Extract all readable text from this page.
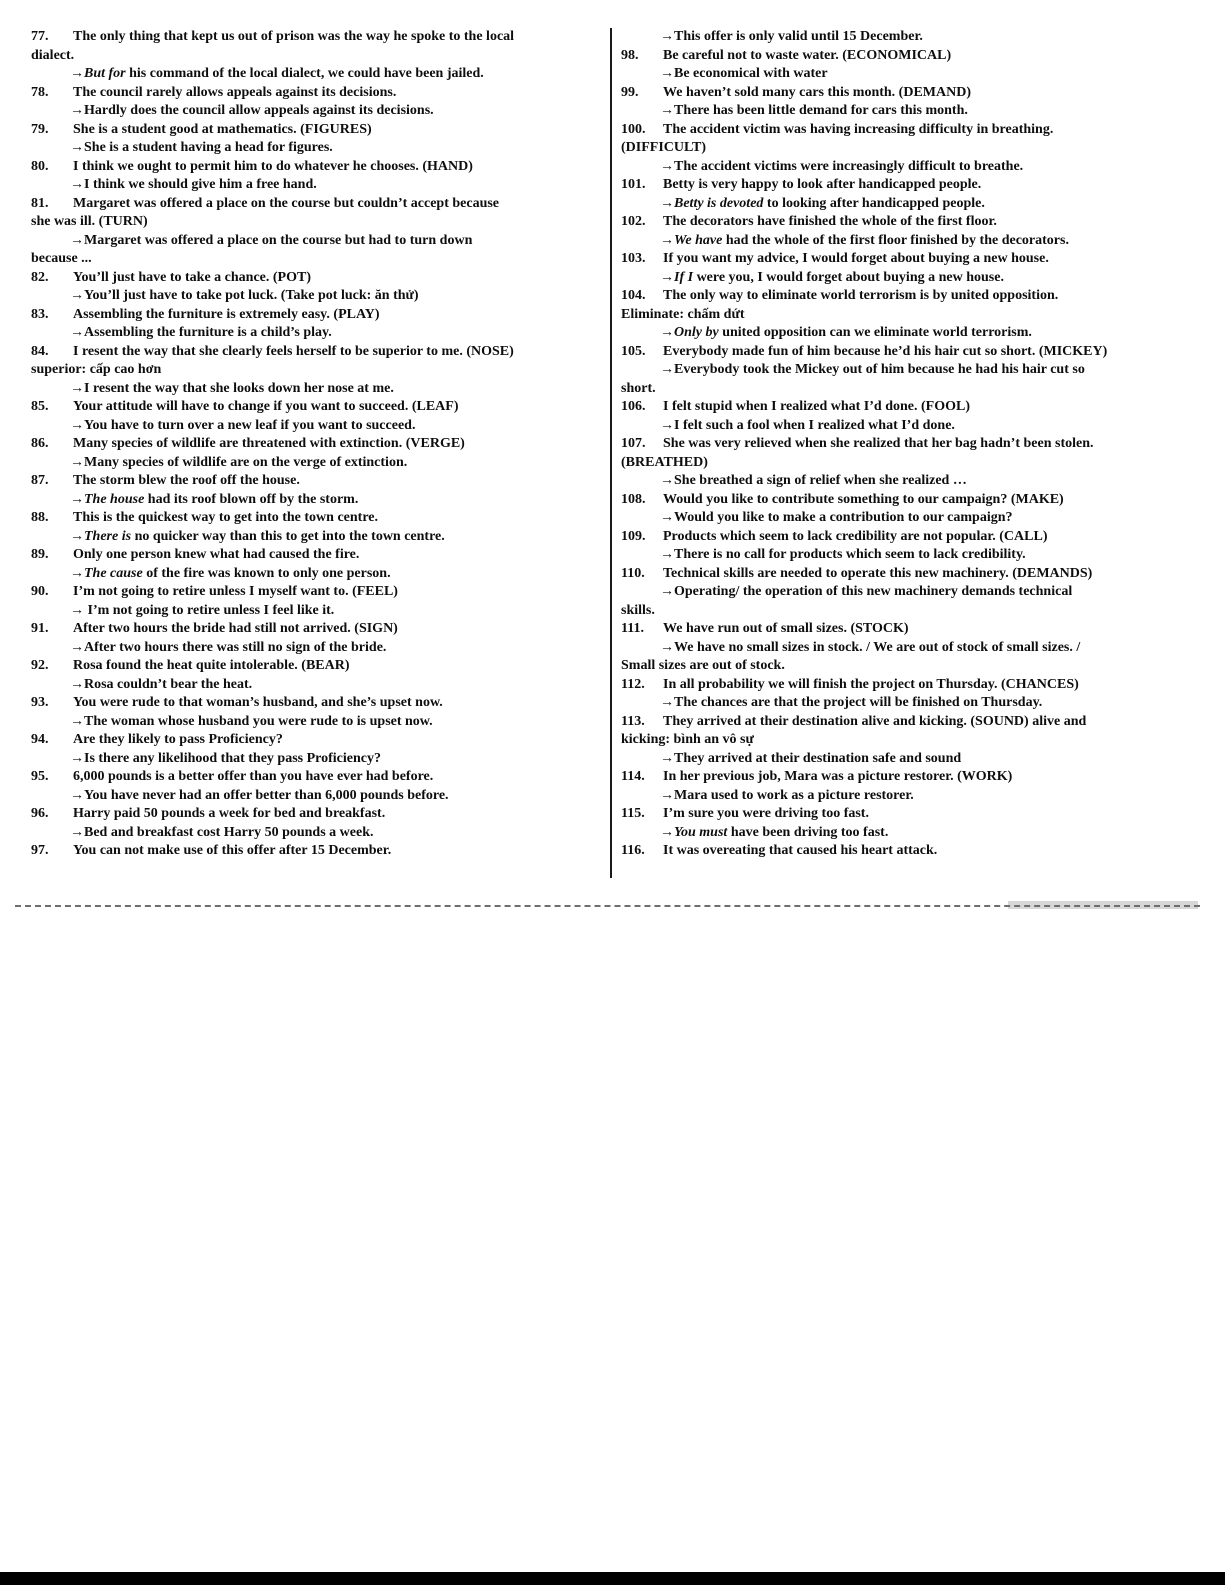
77.	The only thing that kept us out of prison was the way he spoke to the local
dialect.
→But for his command of the local dialect, we could have been jailed.
78.	The council rarely allows appeals against its decisions.
→Hardly does the council allow appeals against its decisions.
79.	She is a student good at mathematics. (FIGURES)
→She is a student having a head for figures.
80.	I think we ought to permit him to do whatever he chooses. (HAND)
→I think we should give him a free hand.
81.	Margaret was offered a place on the course but couldn’t accept because
she was ill. (TURN)
→Margaret was offered a place on the course but had to turn down
because ...
82.	You’ll just have to take a chance. (POT)
→You’ll just have to take pot luck. (Take pot luck: ăn thử)
83.	Assembling the furniture is extremely easy. (PLAY)
→Assembling the furniture is a child’s play.
84.	I resent the way that she clearly feels herself to be superior to me. (NOSE)
superior: cấp cao hơn
→I resent the way that she looks down her nose at me.
85.	Your attitude will have to change if you want to succeed. (LEAF)
→You have to turn over a new leaf if you want to succeed.
86.	Many species of wildlife are threatened with extinction. (VERGE)
→Many species of wildlife are on the verge of extinction.
87.	The storm blew the roof off the house.
→The house had its roof blown off by the storm.
88.	This is the quickest way to get into the town centre.
→There is no quicker way than this to get into the town centre.
89.	Only one person knew what had caused the fire.
→The cause of the fire was known to only one person.
90.	I’m not going to retire unless I myself want to. (FEEL)
→ I’m not going to retire unless I feel like it.
91.	After two hours the bride had still not arrived. (SIGN)
→After two hours there was still no sign of the bride.
92.	Rosa found the heat quite intolerable. (BEAR)
→Rosa couldn’t bear the heat.
93.	You were rude to that woman’s husband, and she’s upset now.
→The woman whose husband you were rude to is upset now.
94.	Are they likely to pass Proficiency?
→Is there any likelihood that they pass Proficiency?
95.	6,000 pounds is a better offer than you have ever had before.
→You have never had an offer better than 6,000 pounds before.
96.	Harry paid 50 pounds a week for bed and breakfast.
→Bed and breakfast cost Harry 50 pounds a week.
97.	You can not make use of this offer after 15 December.
→This offer is only valid until 15 December.
98.	Be careful not to waste water. (ECONOMICAL)
→Be economical with water
99.	We haven’t sold many cars this month. (DEMAND)
→There has been little demand for cars this month.
100.	The accident victim was having increasing difficulty in breathing.
(DIFFICULT)
→The accident victims were increasingly difficult to breathe.
101.	Betty is very happy to look after handicapped people.
→Betty is devoted to looking after handicapped people.
102.	The decorators have finished the whole of the first floor.
→We have had the whole of the first floor finished by the decorators.
103.	If you want my advice, I would forget about buying a new house.
→If I were you, I would forget about buying a new house.
104.	The only way to eliminate world terrorism is by united opposition.
Eliminate: chấm dứt
→Only by united opposition can we eliminate world terrorism.
105.	Everybody made fun of him because he’d his hair cut so short. (MICKEY)
→Everybody took the Mickey out of him because he had his hair cut so
short.
106.	I felt stupid when I realized what I’d done. (FOOL)
→I felt such a fool when I realized what I’d done.
107.	She was very relieved when she realized that her bag hadn’t been stolen.
(BREATHED)
→She breathed a sign of relief when she realized …
108.	Would you like to contribute something to our campaign? (MAKE)
→Would you like to make a contribution to our campaign?
109.	Products which seem to lack credibility are not popular. (CALL)
→There is no call for products which seem to lack credibility.
110.	Technical skills are needed to operate this new machinery. (DEMANDS)
→Operating/ the operation of this new machinery demands technical
skills.
111.	We have run out of small sizes. (STOCK)
→We have no small sizes in stock. / We are out of stock of small sizes. /
Small sizes are out of stock.
112.	In all probability we will finish the project on Thursday. (CHANCES)
→The chances are that the project will be finished on Thursday.
113.	They arrived at their destination alive and kicking. (SOUND) alive and
kicking: bình an vô sự
→They arrived at their destination safe and sound
114.	In her previous job, Mara was a picture restorer. (WORK)
→Mara used to work as a picture restorer.
115.	I’m sure you were driving too fast.
→You must have been driving too fast.
116.	It was overeating that caused his heart attack.
